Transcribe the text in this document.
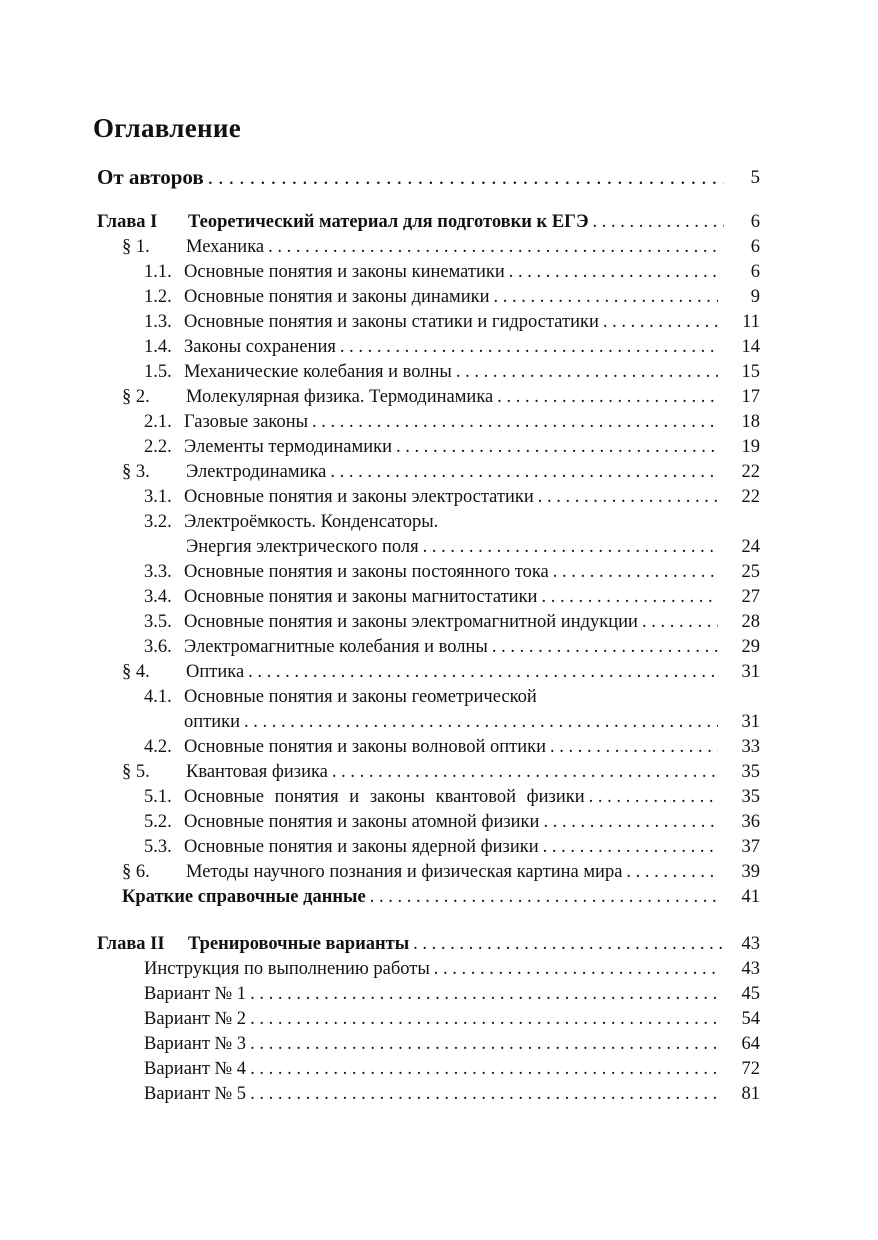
Оглавление
От авторов . . .	5
Глава I Теоретический материал для подготовки к ЕГЭ . . .	6
§ 1. Механика . . .	6
1.1. Основные понятия и законы кинематики . . .	6
1.2. Основные понятия и законы динамики . . .	9
1.3. Основные понятия и законы статики и гидростатики . . .	11
1.4. Законы сохранения . . .	14
1.5. Механические колебания и волны . . .	15
§ 2. Молекулярная физика. Термодинамика . . .	17
2.1. Газовые законы . . .	18
2.2. Элементы термодинамики . . .	19
§ 3. Электродинамика . . .	22
3.1. Основные понятия и законы электростатики . . .	22
3.2. Электроёмкость. Конденсаторы.
Энергия электрического поля . . .	24
3.3. Основные понятия и законы постоянного тока . . .	25
3.4. Основные понятия и законы магнитостатики . . .	27
3.5. Основные понятия и законы электромагнитной индукции . . .	28
3.6. Электромагнитные колебания и волны . . .	29
§ 4. Оптика . . .	31
4.1. Основные понятия и законы геометрической
оптики . . .	31
4.2. Основные понятия и законы волновой оптики . . .	33
§ 5. Квантовая физика . . .	35
5.1. Основные понятия и законы квантовой физики . . .	35
5.2. Основные понятия и законы атомной физики . . .	36
5.3. Основные понятия и законы ядерной физики . . .	37
§ 6. Методы научного познания и физическая картина мира . . .	39
Краткие справочные данные . . .	41
Глава II Тренировочные варианты . . .	43
Инструкция по выполнению работы . . .	43
Вариант № 1 . . .	45
Вариант № 2 . . .	54
Вариант № 3 . . .	64
Вариант № 4 . . .	72
Вариант № 5 . . .	81
